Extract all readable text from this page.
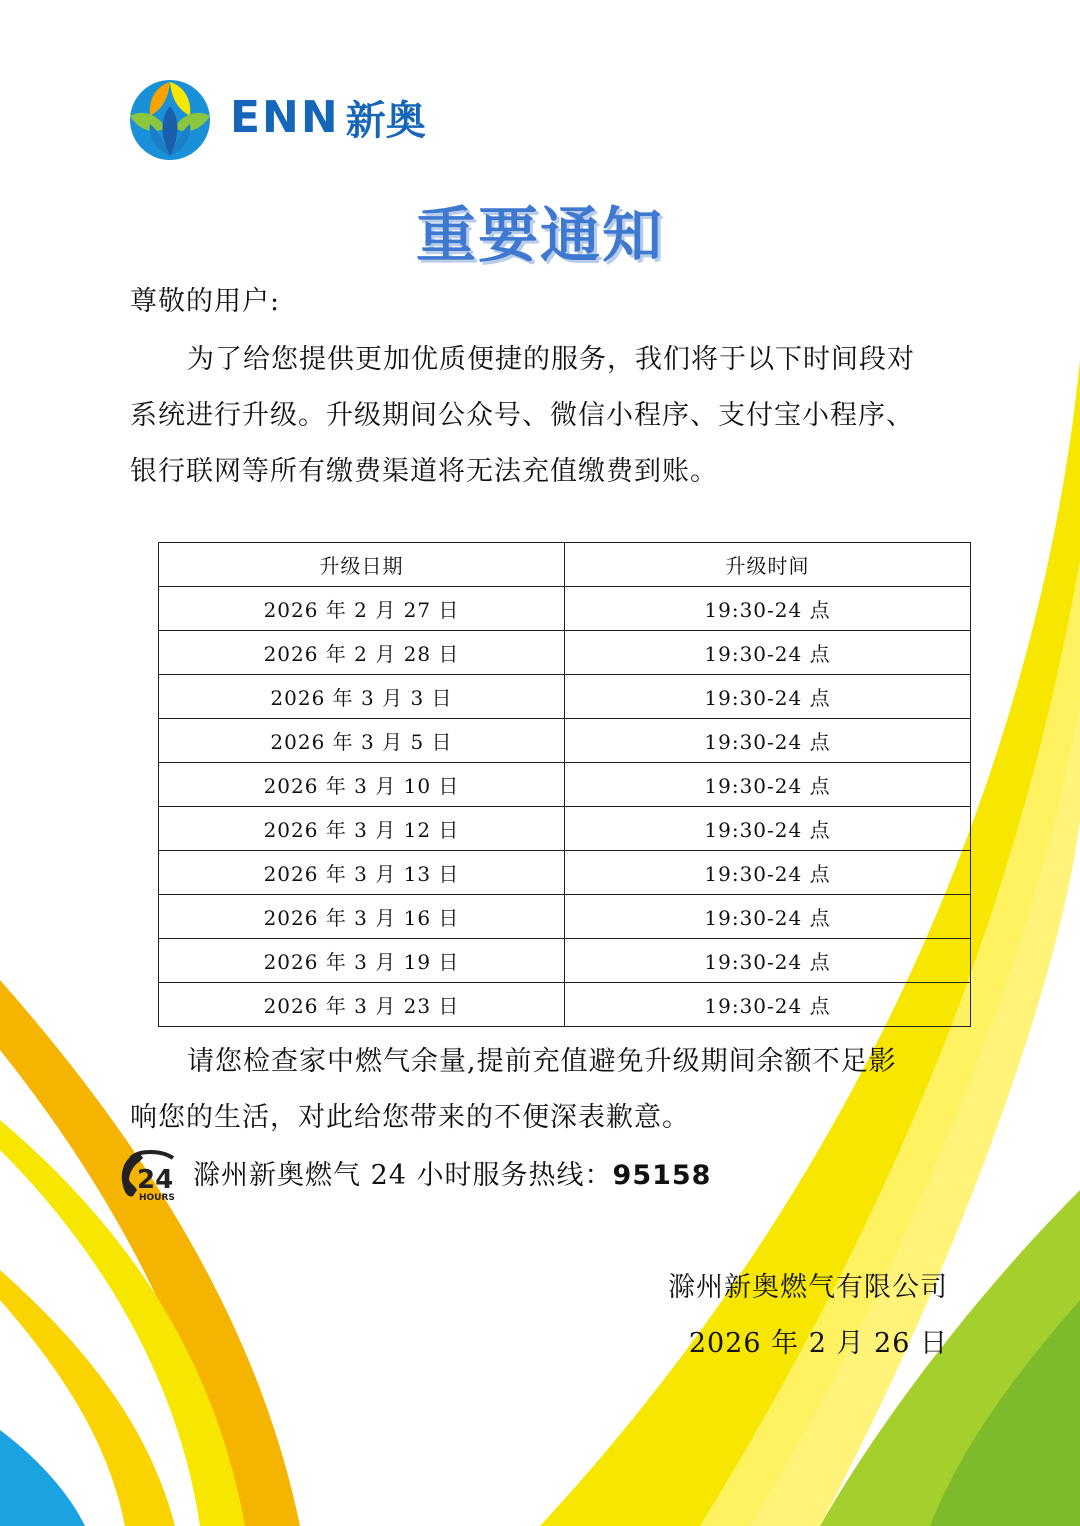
ENN 新奥
重要通知
尊敬的用户:
为了给您提供更加优质便捷的服务，我们将于以下时间段对
系统进行升级。升级期间公众号、微信小程序、支付宝小程序、
银行联网等所有缴费渠道将无法充值缴费到账。
升级日期	升级时间
2026 年 2 月 27 日	19:30-24 点
2026 年 2 月 28 日	19:30-24 点
2026 年 3 月 3 日	19:30-24 点
2026 年 3 月 5 日	19:30-24 点
2026 年 3 月 10 日	19:30-24 点
2026 年 3 月 12 日	19:30-24 点
2026 年 3 月 13 日	19:30-24 点
2026 年 3 月 16 日	19:30-24 点
2026 年 3 月 19 日	19:30-24 点
2026 年 3 月 23 日	19:30-24 点
请您检查家中燃气余量,提前充值避免升级期间余额不足影
响您的生活，对此给您带来的不便深表歉意。
24
HOURS
滁州新奥燃气 24 小时服务热线：95158
滁州新奥燃气有限公司
2026 年 2 月 26 日
